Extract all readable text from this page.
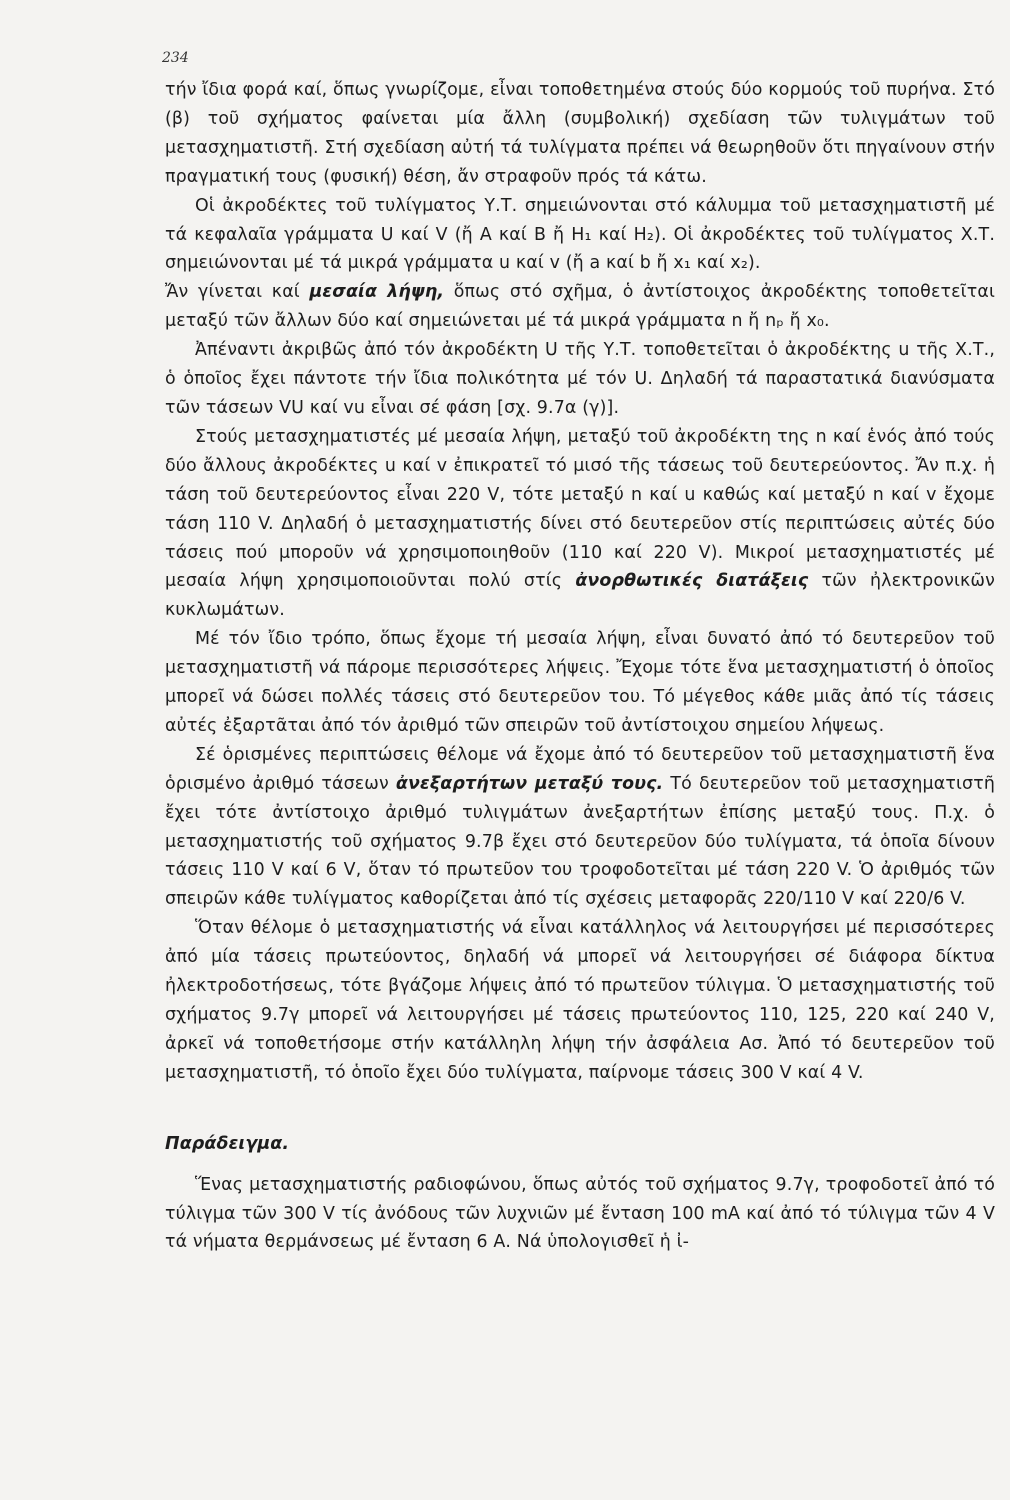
234

τήν ἴδια φορά καί, ὅπως γνωρίζομε, εἶναι τοποθετημένα στούς δύο κορμούς τοῦ πυρήνα. Στό (β) τοῦ σχήματος φαίνεται μία ἄλλη (συμβολική) σχεδίαση τῶν τυλιγμάτων τοῦ μετασχηματιστῆ. Στή σχεδίαση αὐτή τά τυλίγματα πρέπει νά θεωρηθοῦν ὅτι πηγαίνουν στήν πραγματική τους (φυσική) θέση, ἄν στραφοῦν πρός τά κάτω.

Οἱ ἀκροδέκτες τοῦ τυλίγματος Υ.Τ. σημειώνονται στό κάλυμμα τοῦ μετασχηματιστῆ μέ τά κεφαλαῖα γράμματα U καί V (ἤ Α καί Β ἤ H₁ καί H₂). Οἱ ἀκροδέκτες τοῦ τυλίγματος Χ.Τ. σημειώνονται μέ τά μικρά γράμματα u καί v (ἤ a καί b ἤ x₁ καί x₂).

Ἄν γίνεται καί μεσαία λήψη, ὅπως στό σχῆμα, ὁ ἀντίστοιχος ἀκροδέκτης τοποθετεῖται μεταξύ τῶν ἄλλων δύο καί σημειώνεται μέ τά μικρά γράμματα n ἤ nₚ ἤ x₀.

Ἀπέναντι ἀκριβῶς ἀπό τόν ἀκροδέκτη U τῆς Υ.Τ. τοποθετεῖται ὁ ἀκροδέκτης u τῆς Χ.Τ., ὁ ὁποῖος ἔχει πάντοτε τήν ἴδια πολικότητα μέ τόν U. Δηλαδή τά παραστατικά διανύσματα τῶν τάσεων VU καί vu εἶναι σέ φάση [σχ. 9.7α (γ)].

Στούς μετασχηματιστές μέ μεσαία λήψη, μεταξύ τοῦ ἀκροδέκτη της n καί ἑνός ἀπό τούς δύο ἄλλους ἀκροδέκτες u καί v ἐπικρατεῖ τό μισό τῆς τάσεως τοῦ δευτερεύοντος. Ἄν π.χ. ἡ τάση τοῦ δευτερεύοντος εἶναι 220 V, τότε μεταξύ n καί u καθώς καί μεταξύ n καί v ἔχομε τάση 110 V. Δηλαδή ὁ μετασχηματιστής δίνει στό δευτερεῦον στίς περιπτώσεις αὐτές δύο τάσεις πού μποροῦν νά χρησιμοποιηθοῦν (110 καί 220 V). Μικροί μετασχηματιστές μέ μεσαία λήψη χρησιμοποιοῦνται πολύ στίς ἀνορθωτικές διατάξεις τῶν ἠλεκτρονικῶν κυκλωμάτων.

Μέ τόν ἴδιο τρόπο, ὅπως ἔχομε τή μεσαία λήψη, εἶναι δυνατό ἀπό τό δευτερεῦον τοῦ μετασχηματιστῆ νά πάρομε περισσότερες λήψεις. Ἔχομε τότε ἕνα μετασχηματιστή ὁ ὁποῖος μπορεῖ νά δώσει πολλές τάσεις στό δευτερεῦον του. Τό μέγεθος κάθε μιᾶς ἀπό τίς τάσεις αὐτές ἐξαρτᾶται ἀπό τόν ἀριθμό τῶν σπειρῶν τοῦ ἀντίστοιχου σημείου λήψεως.

Σέ ὁρισμένες περιπτώσεις θέλομε νά ἔχομε ἀπό τό δευτερεῦον τοῦ μετασχηματιστῆ ἕνα ὁρισμένο ἀριθμό τάσεων ἀνεξαρτήτων μεταξύ τους. Τό δευτερεῦον τοῦ μετασχηματιστῆ ἔχει τότε ἀντίστοιχο ἀριθμό τυλιγμάτων ἀνεξαρτήτων ἐπίσης μεταξύ τους. Π.χ. ὁ μετασχηματιστής τοῦ σχήματος 9.7β ἔχει στό δευτερεῦον δύο τυλίγματα, τά ὁποῖα δίνουν τάσεις 110 V καί 6 V, ὅταν τό πρωτεῦον του τροφοδοτεῖται μέ τάση 220 V. Ὁ ἀριθμός τῶν σπειρῶν κάθε τυλίγματος καθορίζεται ἀπό τίς σχέσεις μεταφορᾶς 220/110 V καί 220/6 V.

Ὅταν θέλομε ὁ μετασχηματιστής νά εἶναι κατάλληλος νά λειτουργήσει μέ περισσότερες ἀπό μία τάσεις πρωτεύοντος, δηλαδή νά μπορεῖ νά λειτουργήσει σέ διάφορα δίκτυα ἠλεκτροδοτήσεως, τότε βγάζομε λήψεις ἀπό τό πρωτεῦον τύλιγμα. Ὁ μετασχηματιστής τοῦ σχήματος 9.7γ μπορεῖ νά λειτουργήσει μέ τάσεις πρωτεύοντος 110, 125, 220 καί 240 V, ἀρκεῖ νά τοποθετήσομε στήν κατάλληλη λήψη τήν ἀσφάλεια Ασ. Ἀπό τό δευτερεῦον τοῦ μετασχηματιστῆ, τό ὁποῖο ἔχει δύο τυλίγματα, παίρνομε τάσεις 300 V καί 4 V.

Παράδειγμα.

Ἕνας μετασχηματιστής ραδιοφώνου, ὅπως αὐτός τοῦ σχήματος 9.7γ, τροφοδοτεῖ ἀπό τό τύλιγμα τῶν 300 V τίς ἀνόδους τῶν λυχνιῶν μέ ἔνταση 100 mA καί ἀπό τό τύλιγμα τῶν 4 V τά νήματα θερμάνσεως μέ ἔνταση 6 Α. Νά ὑπολογισθεῖ ἡ ἰ-
